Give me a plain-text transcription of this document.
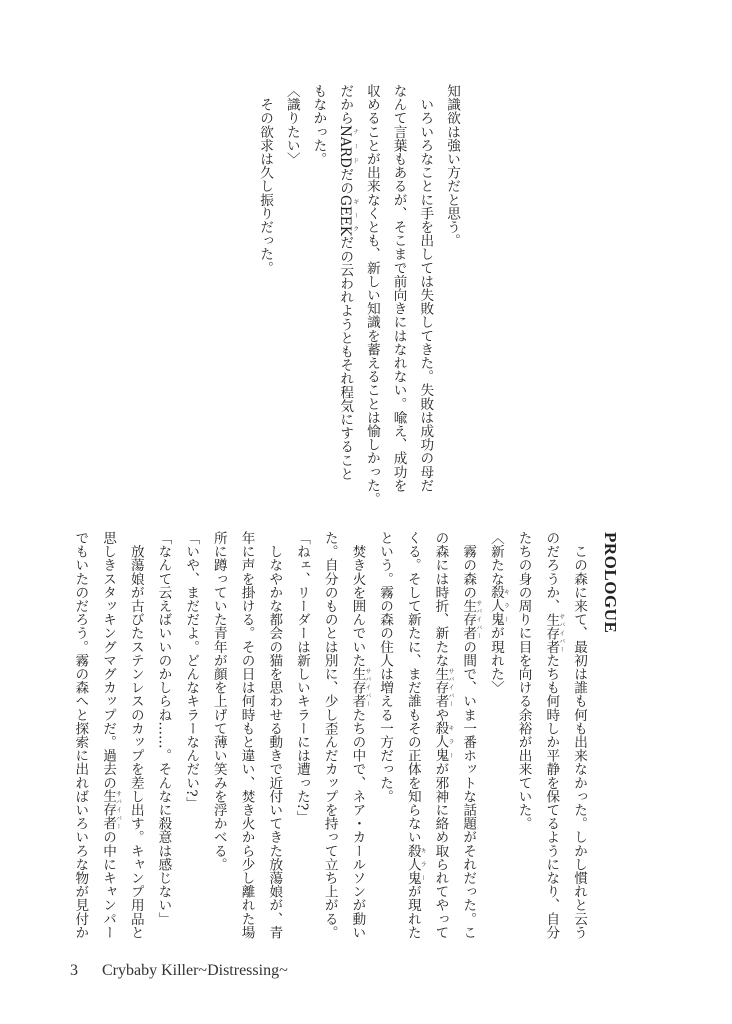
知識欲は強い方だと思う。
　いろいろなことに手を出しては失敗してきた。失敗は成功の母だ
なんて言葉もあるが、そこまで前向きにはなれない。喩え、成功を
収めることが出来なくとも、新しい知識を蓄えることは愉しかった。
だからNARDナードだのGEEKギークだの云われようともそれ程気にすること
もなかった。
〈識りたい〉
　その欲求は久し振りだった。
PROLOGUE
　この森に来て、最初は誰も何も出来なかった。しかし慣れと云う
のだろうか、生存者サバイバーたちも何時しか平静を保てるようになり、自分
たちの身の周りに目を向ける余裕が出来ていた。
〈新たな殺人鬼キラーが現れた〉
　霧の森の生存者サバイバーの間で、いま一番ホットな話題がそれだった。こ
の森には時折、新たな生存者サバイバーや殺人鬼キラーが邪神に絡め取られてやって
くる。そして新たに、まだ誰もその正体を知らない殺人鬼キラーが現れた
という。霧の森の住人は増える一方だった。
　焚き火を囲んでいた生存者サバイバーたちの中で、ネア・カールソンが動い
た。自分のものとは別に、少し歪んだカップを持って立ち上がる。
「ねェ、リーダーは新しいキラーには遭った?」
　しなやかな都会の猫を思わせる動きで近付いてきた放蕩娘が、青
年に声を掛ける。その日は何時もと違い、焚き火から少し離れた場
所に蹲っていた青年が顔を上げて薄い笑みを浮かべる。
「いや、まだだよ。どんなキラーなんだい?」
「なんて云えばいいのかしらね……。そんなに殺意は感じない」
　放蕩娘が古びたステンレスのカップを差し出す。キャンプ用品と
思しきスタッキングマグカップだ。過去の生存者サバイバーの中にキャンパー
でもいたのだろう。霧の森へと探索に出ればいろいろな物が見付か
3 Crybaby Killer~Distressing~
